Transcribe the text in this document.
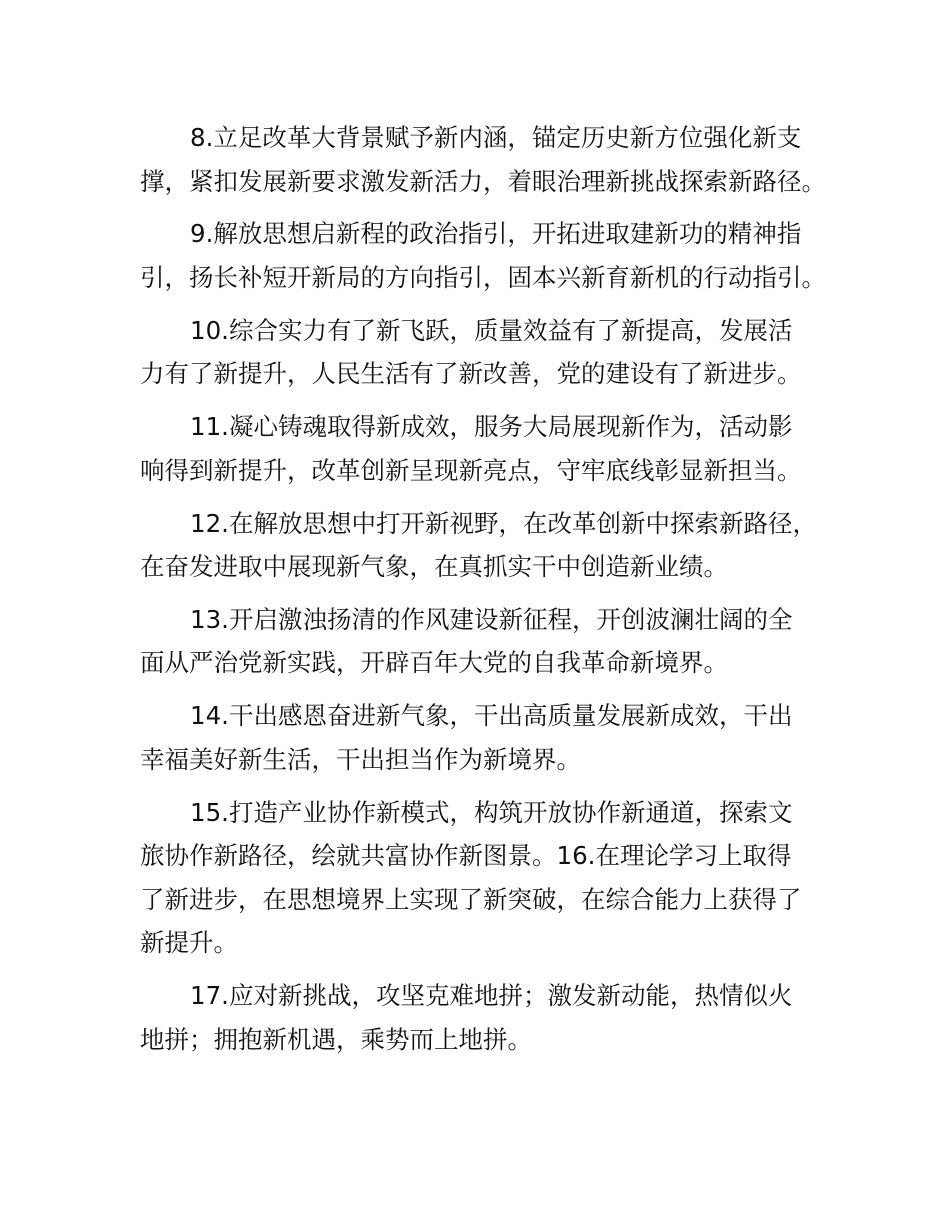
8.立足改革大背景赋予新内涵，锚定历史新方位强化新支
撑，紧扣发展新要求激发新活力，着眼治理新挑战探索新路径。
9.解放思想启新程的政治指引，开拓进取建新功的精神指
引，扬长补短开新局的方向指引，固本兴新育新机的行动指引。
10.综合实力有了新飞跃，质量效益有了新提高，发展活
力有了新提升，人民生活有了新改善，党的建设有了新进步。
11.凝心铸魂取得新成效，服务大局展现新作为，活动影
响得到新提升，改革创新呈现新亮点，守牢底线彰显新担当。
12.在解放思想中打开新视野，在改革创新中探索新路径，
在奋发进取中展现新气象，在真抓实干中创造新业绩。
13.开启激浊扬清的作风建设新征程，开创波澜壮阔的全
面从严治党新实践，开辟百年大党的自我革命新境界。
14.干出感恩奋进新气象，干出高质量发展新成效，干出
幸福美好新生活，干出担当作为新境界。
15.打造产业协作新模式，构筑开放协作新通道，探索文
旅协作新路径，绘就共富协作新图景。16.在理论学习上取得
了新进步，在思想境界上实现了新突破，在综合能力上获得了
新提升。
17.应对新挑战，攻坚克难地拼；激发新动能，热情似火
地拼；拥抱新机遇，乘势而上地拼。
